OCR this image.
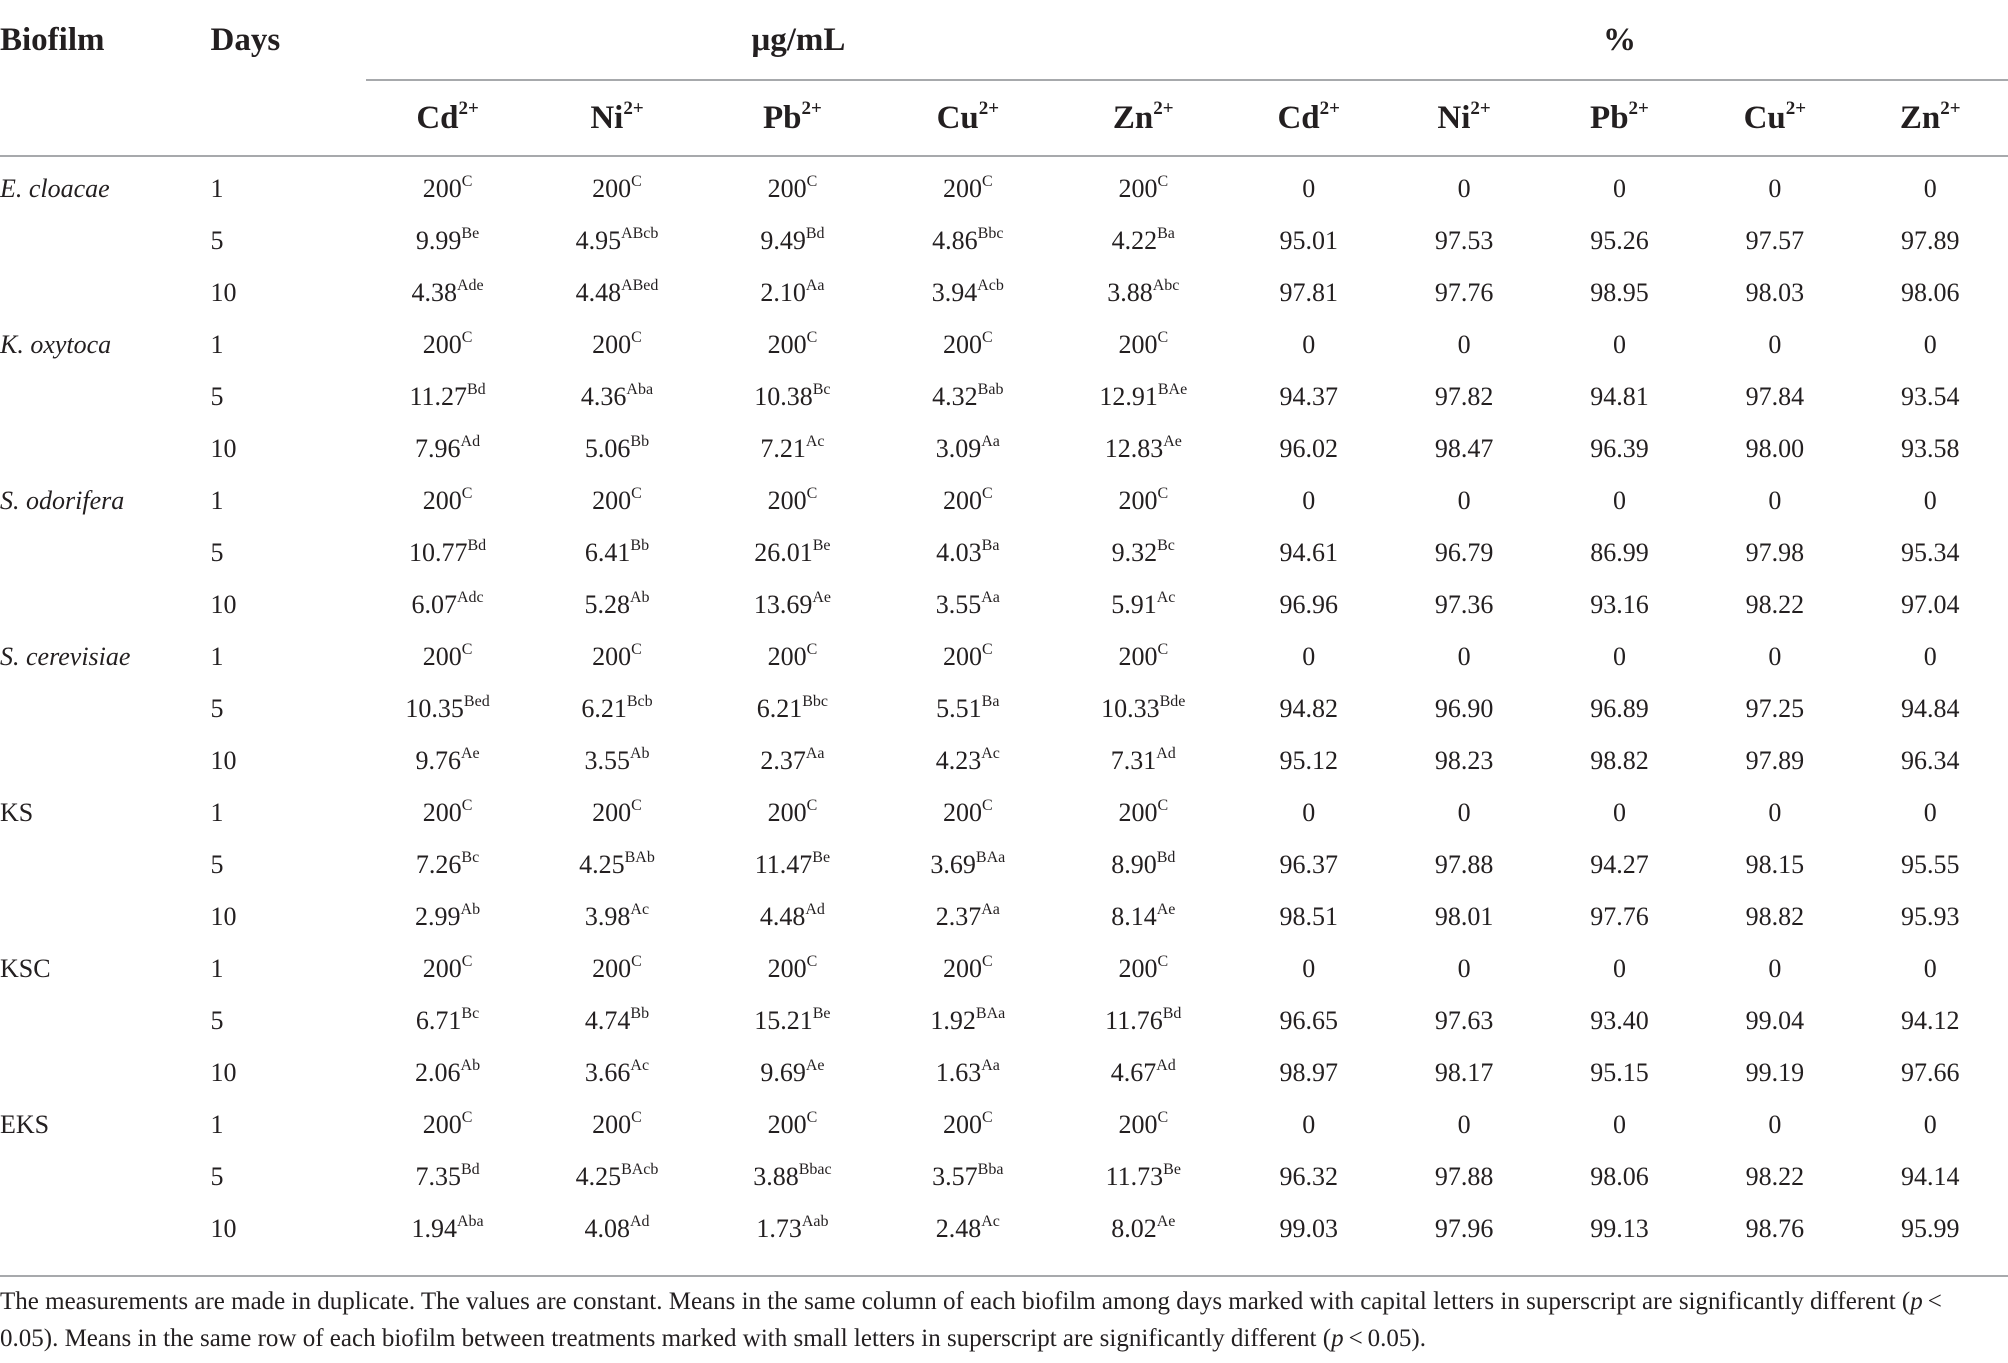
Biofilm	Days	μg/mL					%				
		$Cd^{2+}$	$Ni^{2+}$	$Pb^{2+}$	$Cu^{2+}$	$Zn^{2+}$	$Cd^{2+}$	$Ni^{2+}$	$Pb^{2+}$	$Cu^{2+}$	$Zn^{2+}$
E. cloacae	1	$200^C$	$200^C$	$200^C$	$200^C$	$200^C$	0	0	0	0	0
	5	$9.99^{Be}$	$4.95^{ABcb}$	$9.49^{Bd}$	$4.86^{Bbc}$	$4.22^{Ba}$	95.01	97.53	95.26	97.57	97.89
	10	$4.38^{Ade}$	$4.48^{ABed}$	$2.10^{Aa}$	$3.94^{Acb}$	$3.88^{Abc}$	97.81	97.76	98.95	98.03	98.06
K. oxytoca	1	$200^C$	$200^C$	$200^C$	$200^C$	$200^C$	0	0	0	0	0
	5	$11.27^{Bd}$	$4.36^{Aba}$	$10.38^{Bc}$	$4.32^{Bab}$	$12.91^{BAe}$	94.37	97.82	94.81	97.84	93.54
	10	$7.96^{Ad}$	$5.06^{Bb}$	$7.21^{Ac}$	$3.09^{Aa}$	$12.83^{Ae}$	96.02	98.47	96.39	98.00	93.58
S. odorifera	1	$200^C$	$200^C$	$200^C$	$200^C$	$200^C$	0	0	0	0	0
	5	$10.77^{Bd}$	$6.41^{Bb}$	$26.01^{Be}$	$4.03^{Ba}$	$9.32^{Bc}$	94.61	96.79	86.99	97.98	95.34
	10	$6.07^{Adc}$	$5.28^{Ab}$	$13.69^{Ae}$	$3.55^{Aa}$	$5.91^{Ac}$	96.96	97.36	93.16	98.22	97.04
S. cerevisiae	1	$200^C$	$200^C$	$200^C$	$200^C$	$200^C$	0	0	0	0	0
	5	$10.35^{Bed}$	$6.21^{Bcb}$	$6.21^{Bbc}$	$5.51^{Ba}$	$10.33^{Bde}$	94.82	96.90	96.89	97.25	94.84
	10	$9.76^{Ae}$	$3.55^{Ab}$	$2.37^{Aa}$	$4.23^{Ac}$	$7.31^{Ad}$	95.12	98.23	98.82	97.89	96.34
KS	1	$200^C$	$200^C$	$200^C$	$200^C$	$200^C$	0	0	0	0	0
	5	$7.26^{Bc}$	$4.25^{BAb}$	$11.47^{Be}$	$3.69^{BAa}$	$8.90^{Bd}$	96.37	97.88	94.27	98.15	95.55
	10	$2.99^{Ab}$	$3.98^{Ac}$	$4.48^{Ad}$	$2.37^{Aa}$	$8.14^{Ae}$	98.51	98.01	97.76	98.82	95.93
KSC	1	$200^C$	$200^C$	$200^C$	$200^C$	$200^C$	0	0	0	0	0
	5	$6.71^{Bc}$	$4.74^{Bb}$	$15.21^{Be}$	$1.92^{BAa}$	$11.76^{Bd}$	96.65	97.63	93.40	99.04	94.12
	10	$2.06^{Ab}$	$3.66^{Ac}$	$9.69^{Ae}$	$1.63^{Aa}$	$4.67^{Ad}$	98.97	98.17	95.15	99.19	97.66
EKS	1	$200^C$	$200^C$	$200^C$	$200^C$	$200^C$	0	0	0	0	0
	5	$7.35^{Bd}$	$4.25^{BAcb}$	$3.88^{Bbac}$	$3.57^{Bba}$	$11.73^{Be}$	96.32	97.88	98.06	98.22	94.14
	10	$1.94^{Aba}$	$4.08^{Ad}$	$1.73^{Aab}$	$2.48^{Ac}$	$8.02^{Ae}$	99.03	97.96	99.13	98.76	95.99
The measurements are made in duplicate. The values are constant. Means in the same column of each biofilm among days marked with capital letters in superscript are significantly different (p < 0.05). Means in the same row of each biofilm between treatments marked with small letters in superscript are significantly different (p < 0.05).
